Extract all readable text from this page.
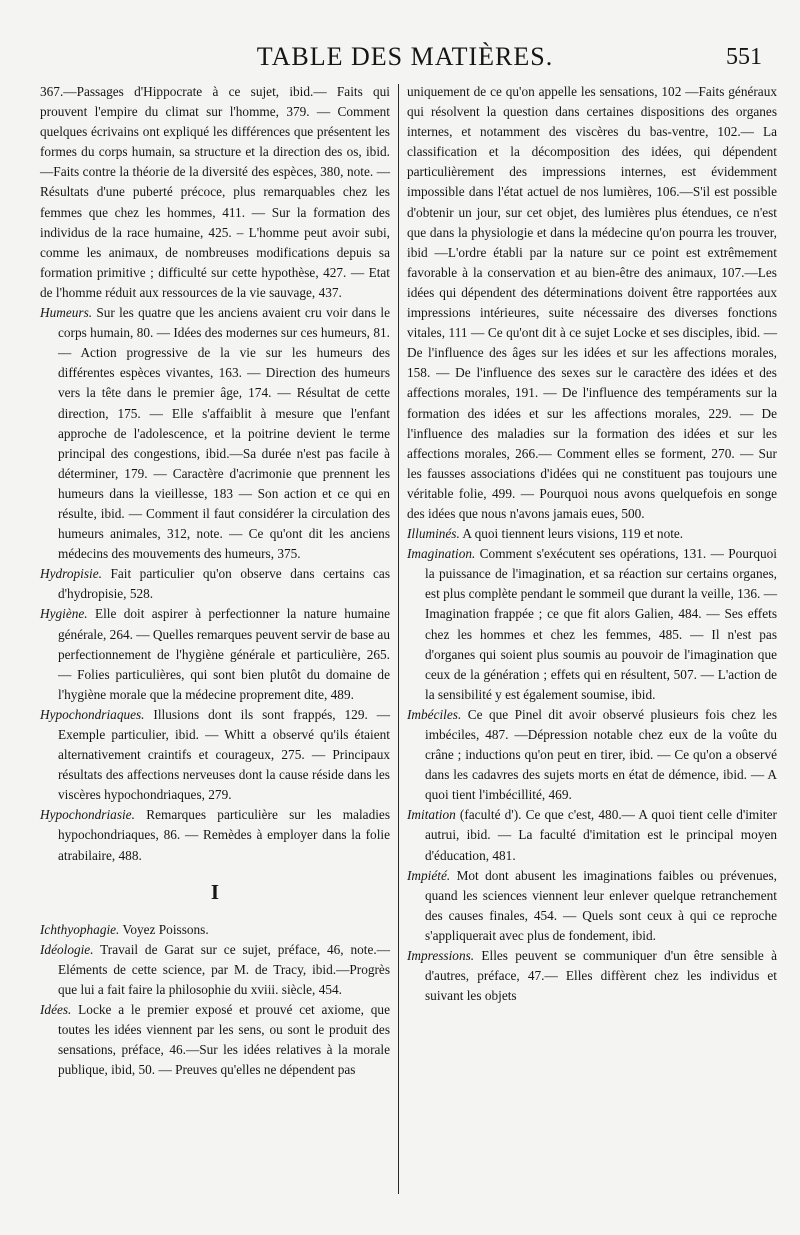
TABLE DES MATIÈRES.	551

367.—Passages d'Hippocrate à ce sujet, ibid.— Faits qui prouvent l'empire du climat sur l'homme, 379. — Comment quelques écrivains ont expliqué les différences que présentent les formes du corps humain, sa structure et la direction des os, ibid. —Faits contre la théorie de la diversité des espèces, 380, note. — Résultats d'une puberté précoce, plus remarquables chez les femmes que chez les hommes, 411. — Sur la formation des individus de la race humaine, 425. – L'homme peut avoir subi, comme les animaux, de nombreuses modifications depuis sa formation primitive ; difficulté sur cette hypothèse, 427. — Etat de l'homme réduit aux ressources de la vie sauvage, 437.

Humeurs. Sur les quatre que les anciens avaient cru voir dans le corps humain, 80. — Idées des modernes sur ces humeurs, 81.— Action progressive de la vie sur les humeurs des différentes espèces vivantes, 163. — Direction des humeurs vers la tête dans le premier âge, 174. — Résultat de cette direction, 175. — Elle s'affaiblit à mesure que l'enfant approche de l'adolescence, et la poitrine devient le terme principal des congestions, ibid.—Sa durée n'est pas facile à déterminer, 179. — Caractère d'acrimonie que prennent les humeurs dans la vieillesse, 183 — Son action et ce qui en résulte, ibid. — Comment il faut considérer la circulation des humeurs animales, 312, note. — Ce qu'ont dit les anciens médecins des mouvements des humeurs, 375.

Hydropisie. Fait particulier qu'on observe dans certains cas d'hydropisie, 528.

Hygiène. Elle doit aspirer à perfectionner la nature humaine générale, 264. — Quelles remarques peuvent servir de base au perfectionnement de l'hygiène générale et particulière, 265. — Folies particulières, qui sont bien plutôt du domaine de l'hygiène morale que la médecine proprement dite, 489.

Hypochondriaques. Illusions dont ils sont frappés, 129. — Exemple particulier, ibid. — Whitt a observé qu'ils étaient alternativement craintifs et courageux, 275. — Principaux résultats des affections nerveuses dont la cause réside dans les viscères hypochondriaques, 279.

Hypochondriasie. Remarques particulière sur les maladies hypochondriaques, 86. — Remèdes à employer dans la folie atrabilaire, 488.

I

Ichthyophagie. Voyez Poissons.

Idéologie. Travail de Garat sur ce sujet, préface, 46, note.—Eléments de cette science, par M. de Tracy, ibid.—Progrès que lui a fait faire la philosophie du xviii. siècle, 454.

Idées. Locke a le premier exposé et prouvé cet axiome, que toutes les idées viennent par les sens, ou sont le produit des sensations, préface, 46.—Sur les idées relatives à la morale publique, ibid, 50. — Preuves qu'elles ne dépendent pas

uniquement de ce qu'on appelle les sensations, 102 —Faits généraux qui résolvent la question dans certaines dispositions des organes internes, et notamment des viscères du bas-ventre, 102.— La classification et la décomposition des idées, qui dépendent particulièrement des impressions internes, est évidemment impossible dans l'état actuel de nos lumières, 106.—S'il est possible d'obtenir un jour, sur cet objet, des lumières plus étendues, ce n'est que dans la physiologie et dans la médecine qu'on pourra les trouver, ibid —L'ordre établi par la nature sur ce point est extrêmement favorable à la conservation et au bien-être des animaux, 107.—Les idées qui dépendent des déterminations doivent être rapportées aux impressions intérieures, suite nécessaire des diverses fonctions vitales, 111 — Ce qu'ont dit à ce sujet Locke et ses disciples, ibid. — De l'influence des âges sur les idées et sur les affections morales, 158. — De l'influence des sexes sur le caractère des idées et des affections morales, 191. — De l'influence des tempéraments sur la formation des idées et sur les affections morales, 229. — De l'influence des maladies sur la formation des idées et sur les affections morales, 266.— Comment elles se forment, 270. — Sur les fausses associations d'idées qui ne constituent pas toujours une véritable folie, 499. — Pourquoi nous avons quelquefois en songe des idées que nous n'avons jamais eues, 500.

Illuminés. A quoi tiennent leurs visions, 119 et note.

Imagination. Comment s'exécutent ses opérations, 131. — Pourquoi la puissance de l'imagination, et sa réaction sur certains organes, est plus complète pendant le sommeil que durant la veille, 136. — Imagination frappée ; ce que fit alors Galien, 484. — Ses effets chez les hommes et chez les femmes, 485. — Il n'est pas d'organes qui soient plus soumis au pouvoir de l'imagination que ceux de la génération ; effets qui en résultent, 507. — L'action de la sensibilité y est également soumise, ibid.

Imbéciles. Ce que Pinel dit avoir observé plusieurs fois chez les imbéciles, 487. —Dépression notable chez eux de la voûte du crâne ; inductions qu'on peut en tirer, ibid. — Ce qu'on a observé dans les cadavres des sujets morts en état de démence, ibid. — A quoi tient l'imbécillité, 469.

Imitation (faculté d'). Ce que c'est, 480.— A quoi tient celle d'imiter autrui, ibid. — La faculté d'imitation est le principal moyen d'éducation, 481.

Impiété. Mot dont abusent les imaginations faibles ou prévenues, quand les sciences viennent leur enlever quelque retranchement des causes finales, 454. — Quels sont ceux à qui ce reproche s'appliquerait avec plus de fondement, ibid.

Impressions. Elles peuvent se communiquer d'un être sensible à d'autres, préface, 47.— Elles diffèrent chez les individus et suivant les objets
